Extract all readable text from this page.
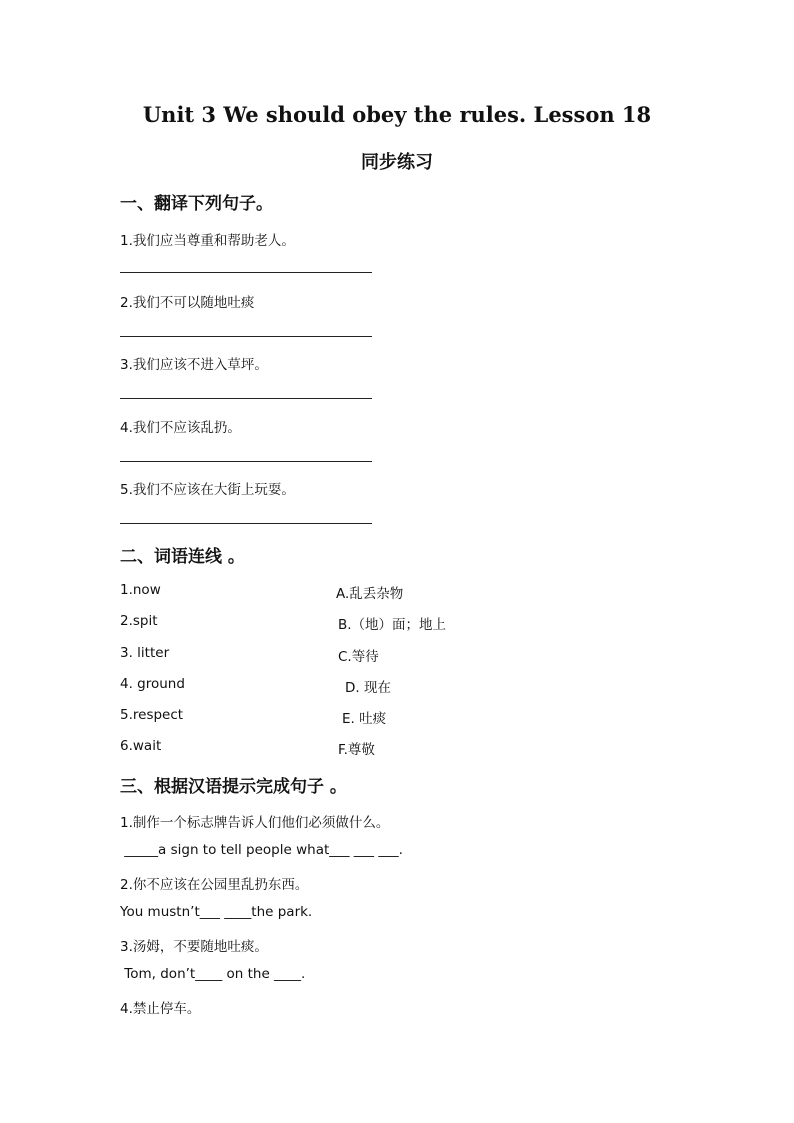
Unit 3 We should obey the rules. Lesson 18
同步练习
一、翻译下列句子。
1.我们应当尊重和帮助老人。
2.我们不可以随地吐痰
3.我们应该不进入草坪。
4.我们不应该乱扔。
5.我们不应该在大街上玩耍。
二、词语连线 。
1.now	A.乱丢杂物
2.spit	B.（地）面；地上
3. litter	C.等待
4. ground	D. 现在
5.respect	E. 吐痰
6.wait	F.尊敬
三、根据汉语提示完成句子 。
1.制作一个标志牌告诉人们他们必须做什么。
_____a sign to tell people what___ ___ ___.
2.你不应该在公园里乱扔东西。
You mustn’t___ ____the park.
3.汤姆，不要随地吐痰。
Tom, don’t____ on the ____.
4.禁止停车。
